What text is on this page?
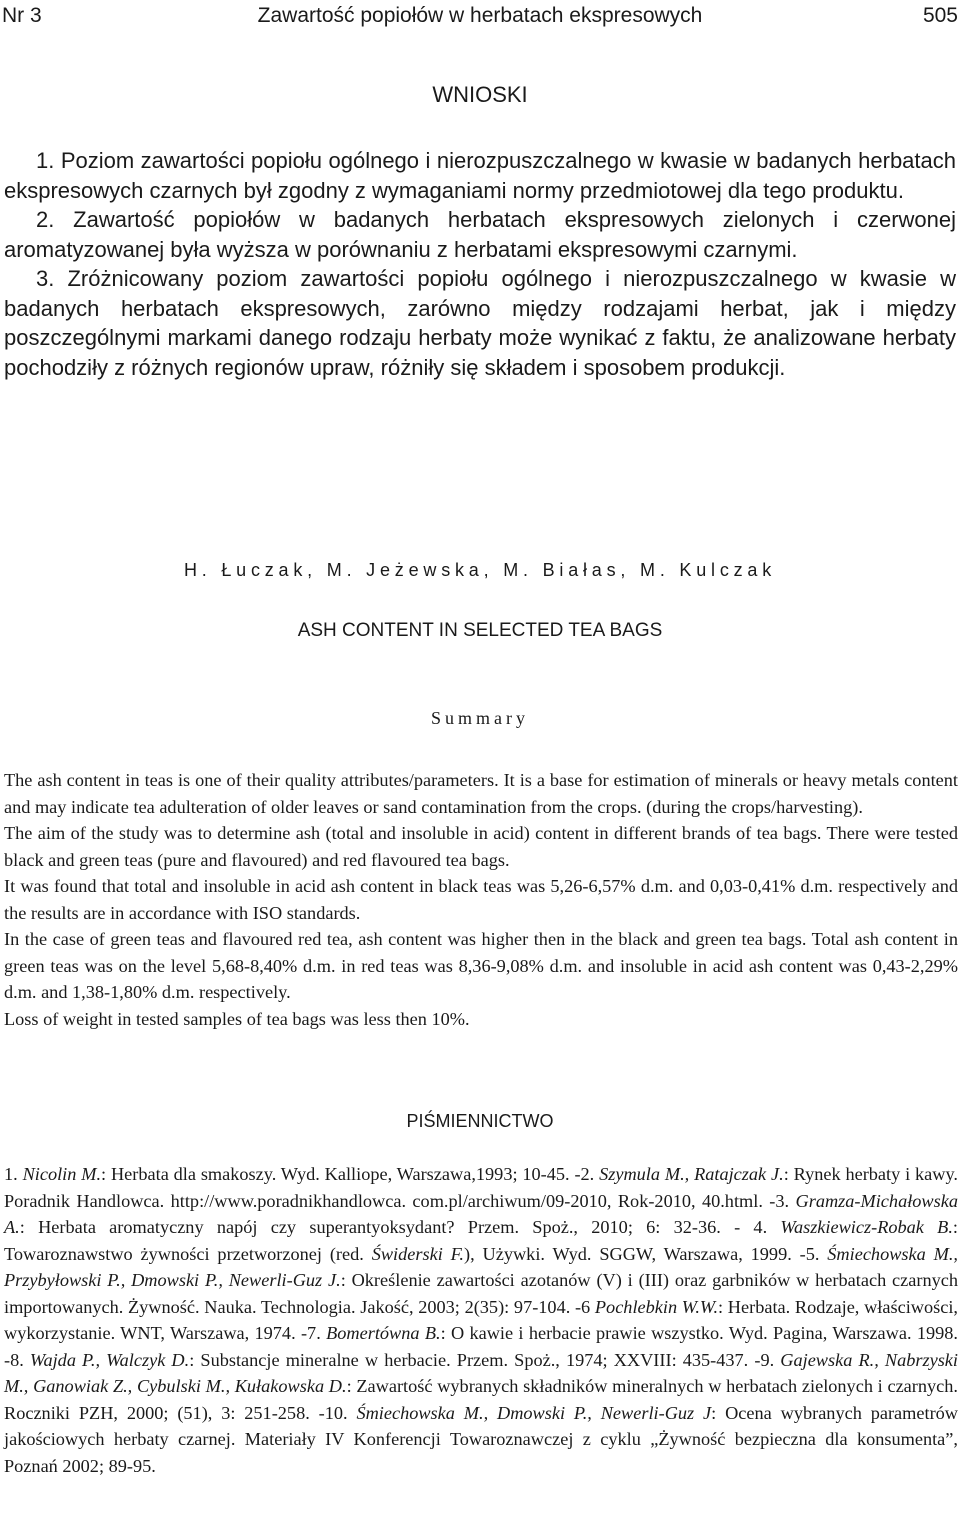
Nr 3	Zawartość popiołów w herbatach ekspresowych	505
WNIOSKI

1. Poziom zawartości popiołu ogólnego i nierozpuszczalnego w kwasie w badanych herbatach ekspresowych czarnych był zgodny z wymaganiami normy przedmiotowej dla tego produktu.

2. Zawartość popiołów w badanych herbatach ekspresowych zielonych i czerwonej aromatyzowanej była wyższa w porównaniu z herbatami ekspresowymi czarnymi.

3. Zróżnicowany poziom zawartości popiołu ogólnego i nierozpuszczalnego w kwasie w badanych herbatach ekspresowych, zarówno między rodzajami herbat, jak i między poszczególnymi markami danego rodzaju herbaty może wynikać z faktu, że analizowane herbaty pochodziły z różnych regionów upraw, różniły się składem i sposobem produkcji.

H. Łuczak, M. Jeżewska, M. Białas, M. Kulczak
ASH CONTENT IN SELECTED TEA BAGS
Summary

The ash content in teas is one of their quality attributes/parameters. It is a base for estimation of minerals or heavy metals content and may indicate tea adulteration of older leaves or sand contamination from the crops. (during the crops/harvesting).

The aim of the study was to determine ash (total and insoluble in acid) content in different brands of tea bags. There were tested black and green teas (pure and flavoured) and red flavoured tea bags.

It was found that total and insoluble in acid ash content in black teas was 5,26-6,57% d.m. and 0,03-0,41% d.m. respectively and the results are in accordance with ISO standards.

In the case of green teas and flavoured red tea, ash content was higher then in the black and green tea bags. Total ash content in green teas was on the level 5,68-8,40% d.m. in red teas was 8,36-9,08% d.m. and insoluble in acid ash content was 0,43-2,29% d.m. and 1,38-1,80% d.m. respectively.

Loss of weight in tested samples of tea bags was less then 10%.

PIŚMIENNICTWO

1. Nicolin M.: Herbata dla smakoszy. Wyd. Kalliope, Warszawa,1993; 10-45. -2. Szymula M., Ratajczak J.: Rynek herbaty i kawy. Poradnik Handlowca. http://www.poradnikhandlowca. com.pl/archiwum/09-2010, Rok-2010, 40.html. -3. Gramza-Michałowska A.: Herbata aromatyczny napój czy superantyoksydant? Przem. Spoż., 2010; 6: 32-36. - 4. Waszkiewicz-Robak B.: Towaroznawstwo żywności przetworzonej (red. Świderski F.), Używki. Wyd. SGGW, Warszawa, 1999. -5. Śmiechowska M., Przybyłowski P., Dmowski P., Newerli-Guz J.: Określenie zawartości azotanów (V) i (III) oraz garbników w herbatach czarnych importowanych. Żywność. Nauka. Technologia. Jakość, 2003; 2(35): 97-104. -6 Pochlebkin W.W.: Herbata. Rodzaje, właściwości, wykorzystanie. WNT, Warszawa, 1974. -7. Bomertówna B.: O kawie i herbacie prawie wszystko. Wyd. Pagina, Warszawa. 1998. -8. Wajda P., Walczyk D.: Substancje mineralne w herbacie. Przem. Spoż., 1974; XXVIII: 435-437. -9. Gajewska R., Nabrzyski M., Ganowiak Z., Cybulski M., Kułakowska D.: Zawartość wybranych składników mineralnych w herbatach zielonych i czarnych. Roczniki PZH, 2000; (51), 3: 251-258. -10. Śmiechowska M., Dmowski P., Newerli-Guz J: Ocena wybranych parametrów jakościowych herbaty czarnej. Materiały IV Konferencji Towaroznawczej z cyklu „Żywność bezpieczna dla konsumenta”, Poznań 2002; 89-95.
